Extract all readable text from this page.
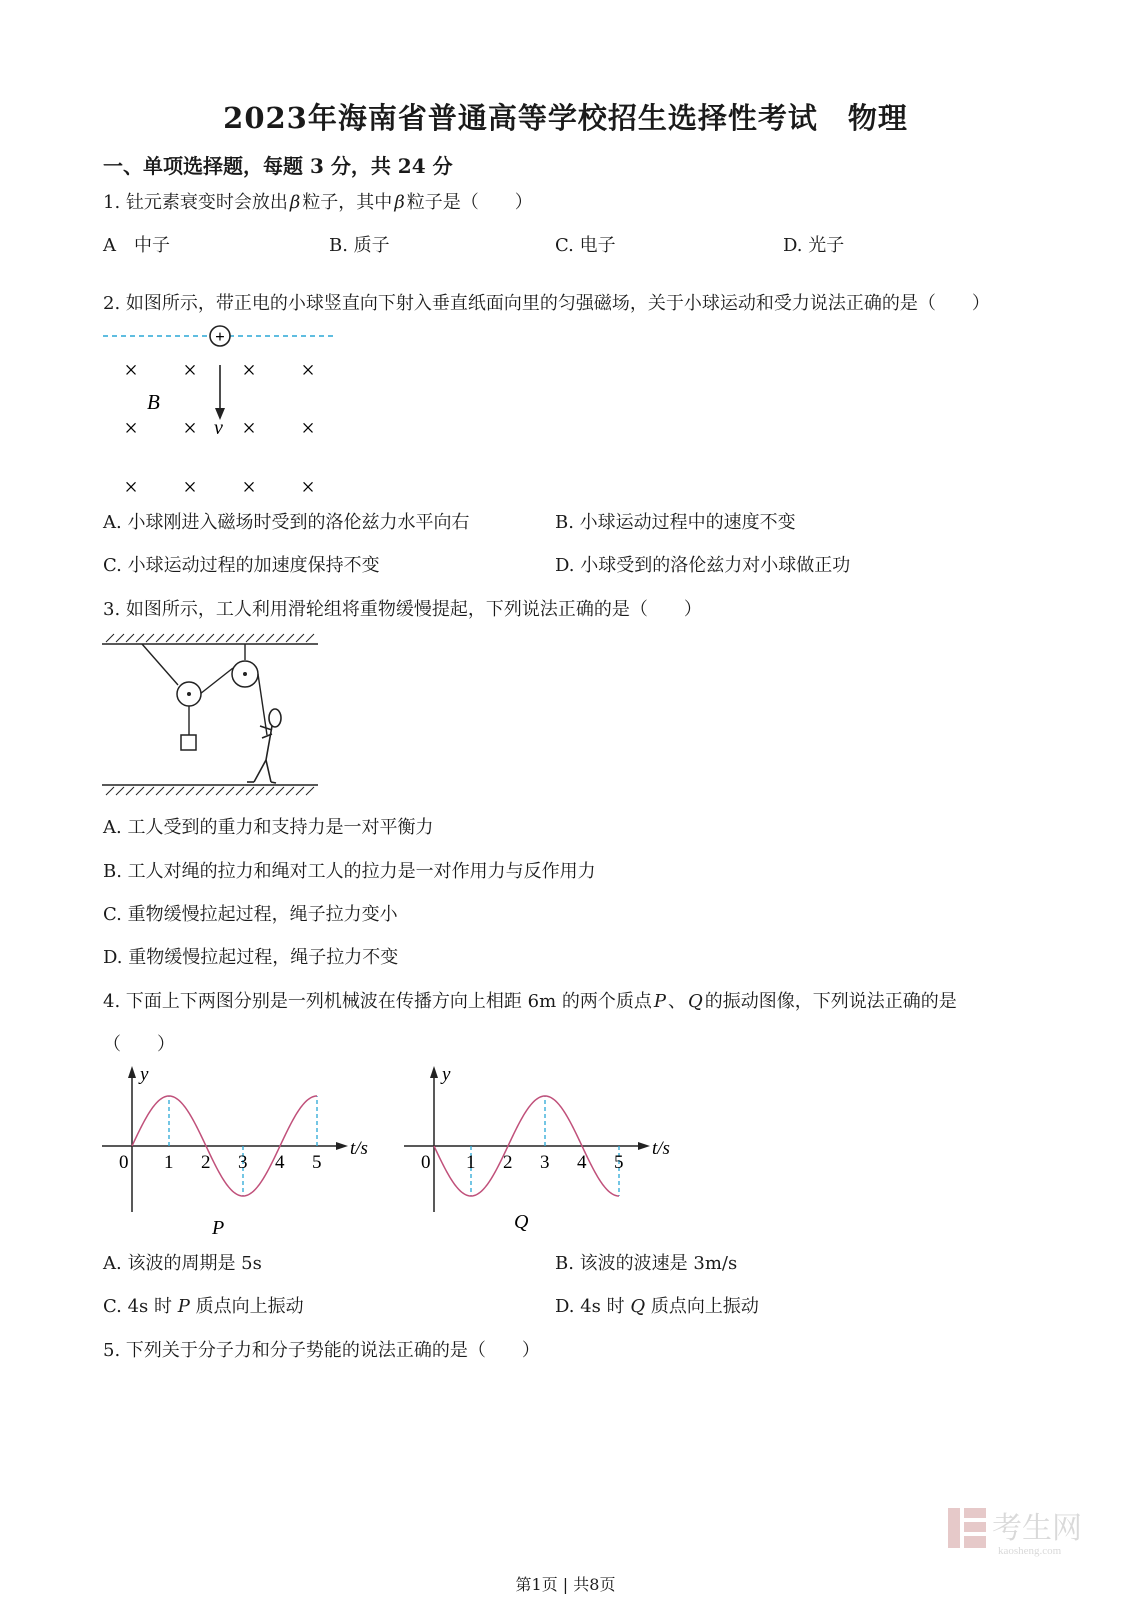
2023年海南省普通高等学校招生选择性考试　物理
一、单项选择题，每题 3 分，共 24 分
1. 钍元素衰变时会放出 β 粒子，其中 β 粒子是（　　）
A　中子	B. 质子	C. 电子	D. 光子
2. 如图所示，带正电的小球竖直向下射入垂直纸面向里的匀强磁场，关于小球运动和受力说法正确的是（　　）
+
v
B
× × × ×
× × × ×
× × × ×
A. 小球刚进入磁场时受到的洛伦兹力水平向右	B. 小球运动过程中的速度不变
C. 小球运动过程的加速度保持不变	D. 小球受到的洛伦兹力对小球做正功
3. 如图所示，工人利用滑轮组将重物缓慢提起，下列说法正确的是（　　）
A. 工人受到的重力和支持力是一对平衡力
B. 工人对绳的拉力和绳对工人的拉力是一对作用力与反作用力
C. 重物缓慢拉起过程，绳子拉力变小
D. 重物缓慢拉起过程，绳子拉力不变
4. 下面上下两图分别是一列机械波在传播方向上相距 6m 的两个质点 P 、 Q 的振动图像，下列说法正确的是
（　　）
y
t/s
0 1 2 3 4 5
P
y
t/s
0 1 2 3 4 5
Q
A. 该波的周期是 5s	B. 该波的波速是 3m/s
C. 4s 时 P 质点向上振动	D. 4s 时 Q 质点向上振动
5. 下列关于分子力和分子势能的说法正确的是（　　）
考生网
kaosheng.com
第1页 | 共8页
